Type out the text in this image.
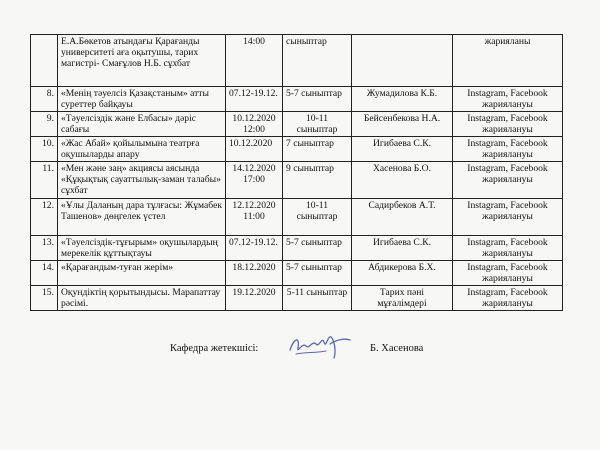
	Е.А.Бөкетов атындағы Қарағанды университеті аға оқытушы, тарих магистрі- Смағұлов Н.Б. сұхбат	14:00	сыныптар		жарияланы
8.	«Менің тәуелсіз Қазақстаным» атты суреттер байқауы	07.12-19.12.	5-7 сыныптар	Жумадилова К.Б.	Instagram, Facebook жариялануы
9.	«Тәуелсіздік және Елбасы» дәріс сабағы	10.12.2020 12:00	10-11 сыныптар	Бейсенбекова Н.А.	Instagram, Facebook жариялануы
10.	«Жас Абай» қойылымына театрға оқушыларды апару	10.12.2020	7 сыныптар	Игибаева С.К.	Instagram, Facebook жариялануы
11.	«Мен және заң» акциясы аясында «Құқықтық сауаттылық-заман талабы» сұхбат	14.12.2020 17:00	9 сыныптар	Хасенова Б.О.	Instagram, Facebook жариялануы
12.	«Ұлы Даланың дара тұлғасы: Жұмабек Ташенов» дөңгелек үстел	12.12.2020 11:00	10-11 сыныптар	Садирбеков А.Т.	Instagram, Facebook жариялануы
13.	«Тәуелсіздік-тұғырым» оқушылардың мерекелік құттықтауы	07.12-19.12.	5-7 сыныптар	Игибаева С.К.	Instagram, Facebook жариялануы
14.	«Қарағандым-туған жерім»	18.12.2020	5-7 сыныптар	Абдикерова Б.Х.	Instagram, Facebook жариялануы
15.	Оқундіктің қорытындысы. Марапаттау рәсімі.	19.12.2020	5-11 сыныптар	Тарих пәні мұғалімдері	Instagram, Facebook жариялануы
Кафедра жетекшісі:	Б. Хасенова
